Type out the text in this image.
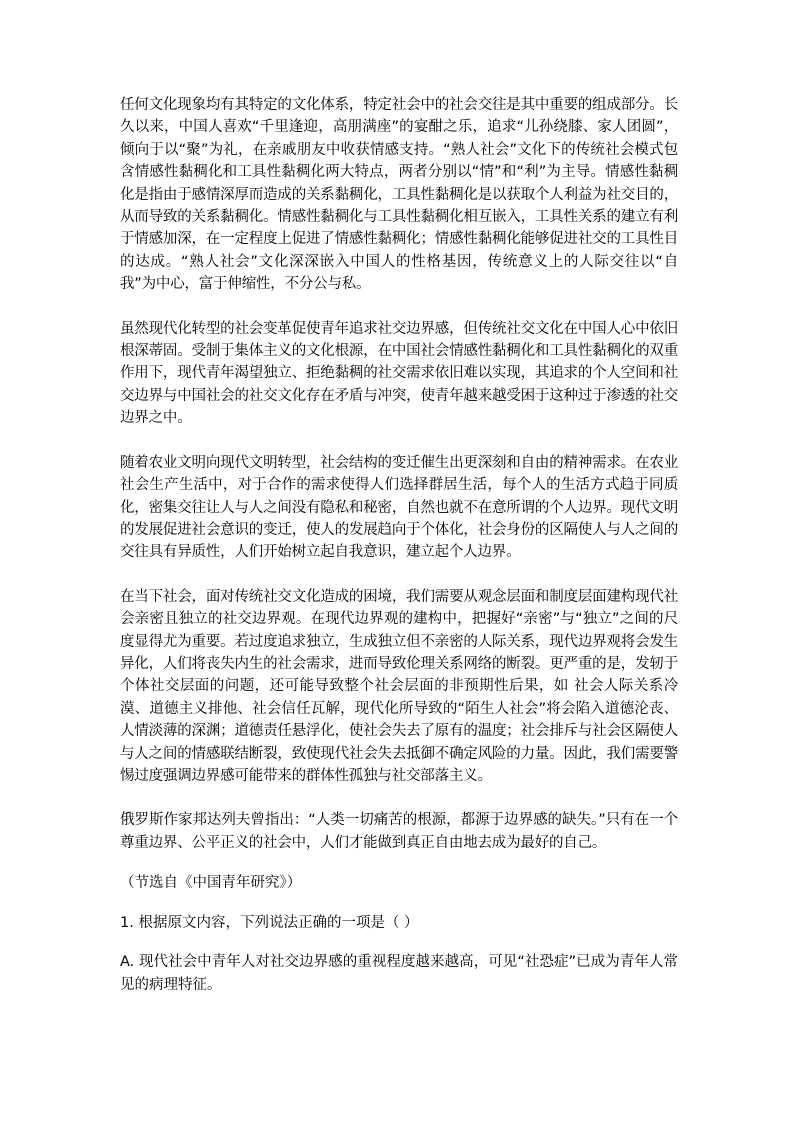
任何文化现象均有其特定的文化体系，特定社会中的社会交往是其中重要的组成部分。长久以来，中国人喜欢“千里逢迎，高朋满座”的宴酣之乐，追求“儿孙绕膝、家人团圆”，倾向于以“聚”为礼，在亲戚朋友中收获情感支持。“熟人社会”文化下的传统社会模式包含情感性黏稠化和工具性黏稠化两大特点，两者分别以“情”和“利”为主导。情感性黏稠化是指由于感情深厚而造成的关系黏稠化，工具性黏稠化是以获取个人利益为社交目的，从而导致的关系黏稠化。情感性黏稠化与工具性黏稠化相互嵌入，工具性关系的建立有利于情感加深，在一定程度上促进了情感性黏稠化；情感性黏稠化能够促进社交的工具性目的达成。“熟人社会”文化深深嵌入中国人的性格基因，传统意义上的人际交往以“自我”为中心，富于伸缩性，不分公与私。

虽然现代化转型的社会变革促使青年追求社交边界感，但传统社交文化在中国人心中依旧根深蒂固。受制于集体主义的文化根源，在中国社会情感性黏稠化和工具性黏稠化的双重作用下，现代青年渴望独立、拒绝黏稠的社交需求依旧难以实现，其追求的个人空间和社交边界与中国社会的社交文化存在矛盾与冲突，使青年越来越受困于这种过于渗透的社交边界之中。

随着农业文明向现代文明转型，社会结构的变迁催生出更深刻和自由的精神需求。在农业社会生产生活中，对于合作的需求使得人们选择群居生活，每个人的生活方式趋于同质化，密集交往让人与人之间没有隐私和秘密，自然也就不在意所谓的个人边界。现代文明的发展促进社会意识的变迁，使人的发展趋向于个体化，社会身份的区隔使人与人之间的交往具有异质性，人们开始树立起自我意识，建立起个人边界。

在当下社会，面对传统社交文化造成的困境，我们需要从观念层面和制度层面建构现代社会亲密且独立的社交边界观。在现代边界观的建构中，把握好“亲密”与“独立”之间的尺度显得尤为重要。若过度追求独立，生成独立但不亲密的人际关系，现代边界观将会发生异化，人们将丧失内生的社会需求，进而导致伦理关系网络的断裂。更严重的是，发轫于个体社交层面的问题，还可能导致整个社会层面的非预期性后果，如 社会人际关系冷漠、道德主义排他、社会信任瓦解，现代化所导致的“陌生人社会”将会陷入道德沦丧、人情淡薄的深渊；道德责任悬浮化，使社会失去了原有的温度；社会排斥与社会区隔使人与人之间的情感联结断裂，致使现代社会失去抵御不确定风险的力量。因此，我们需要警惕过度强调边界感可能带来的群体性孤独与社交部落主义。

俄罗斯作家邦达列夫曾指出：“人类一切痛苦的根源，都源于边界感的缺失。”只有在一个尊重边界、公平正义的社会中，人们才能做到真正自由地去成为最好的自己。

（节选自《中国青年研究》）

1. 根据原文内容，下列说法正确的一项是（ ）

A. 现代社会中青年人对社交边界感的重视程度越来越高，可见“社恐症”已成为青年人常见的病理特征。
